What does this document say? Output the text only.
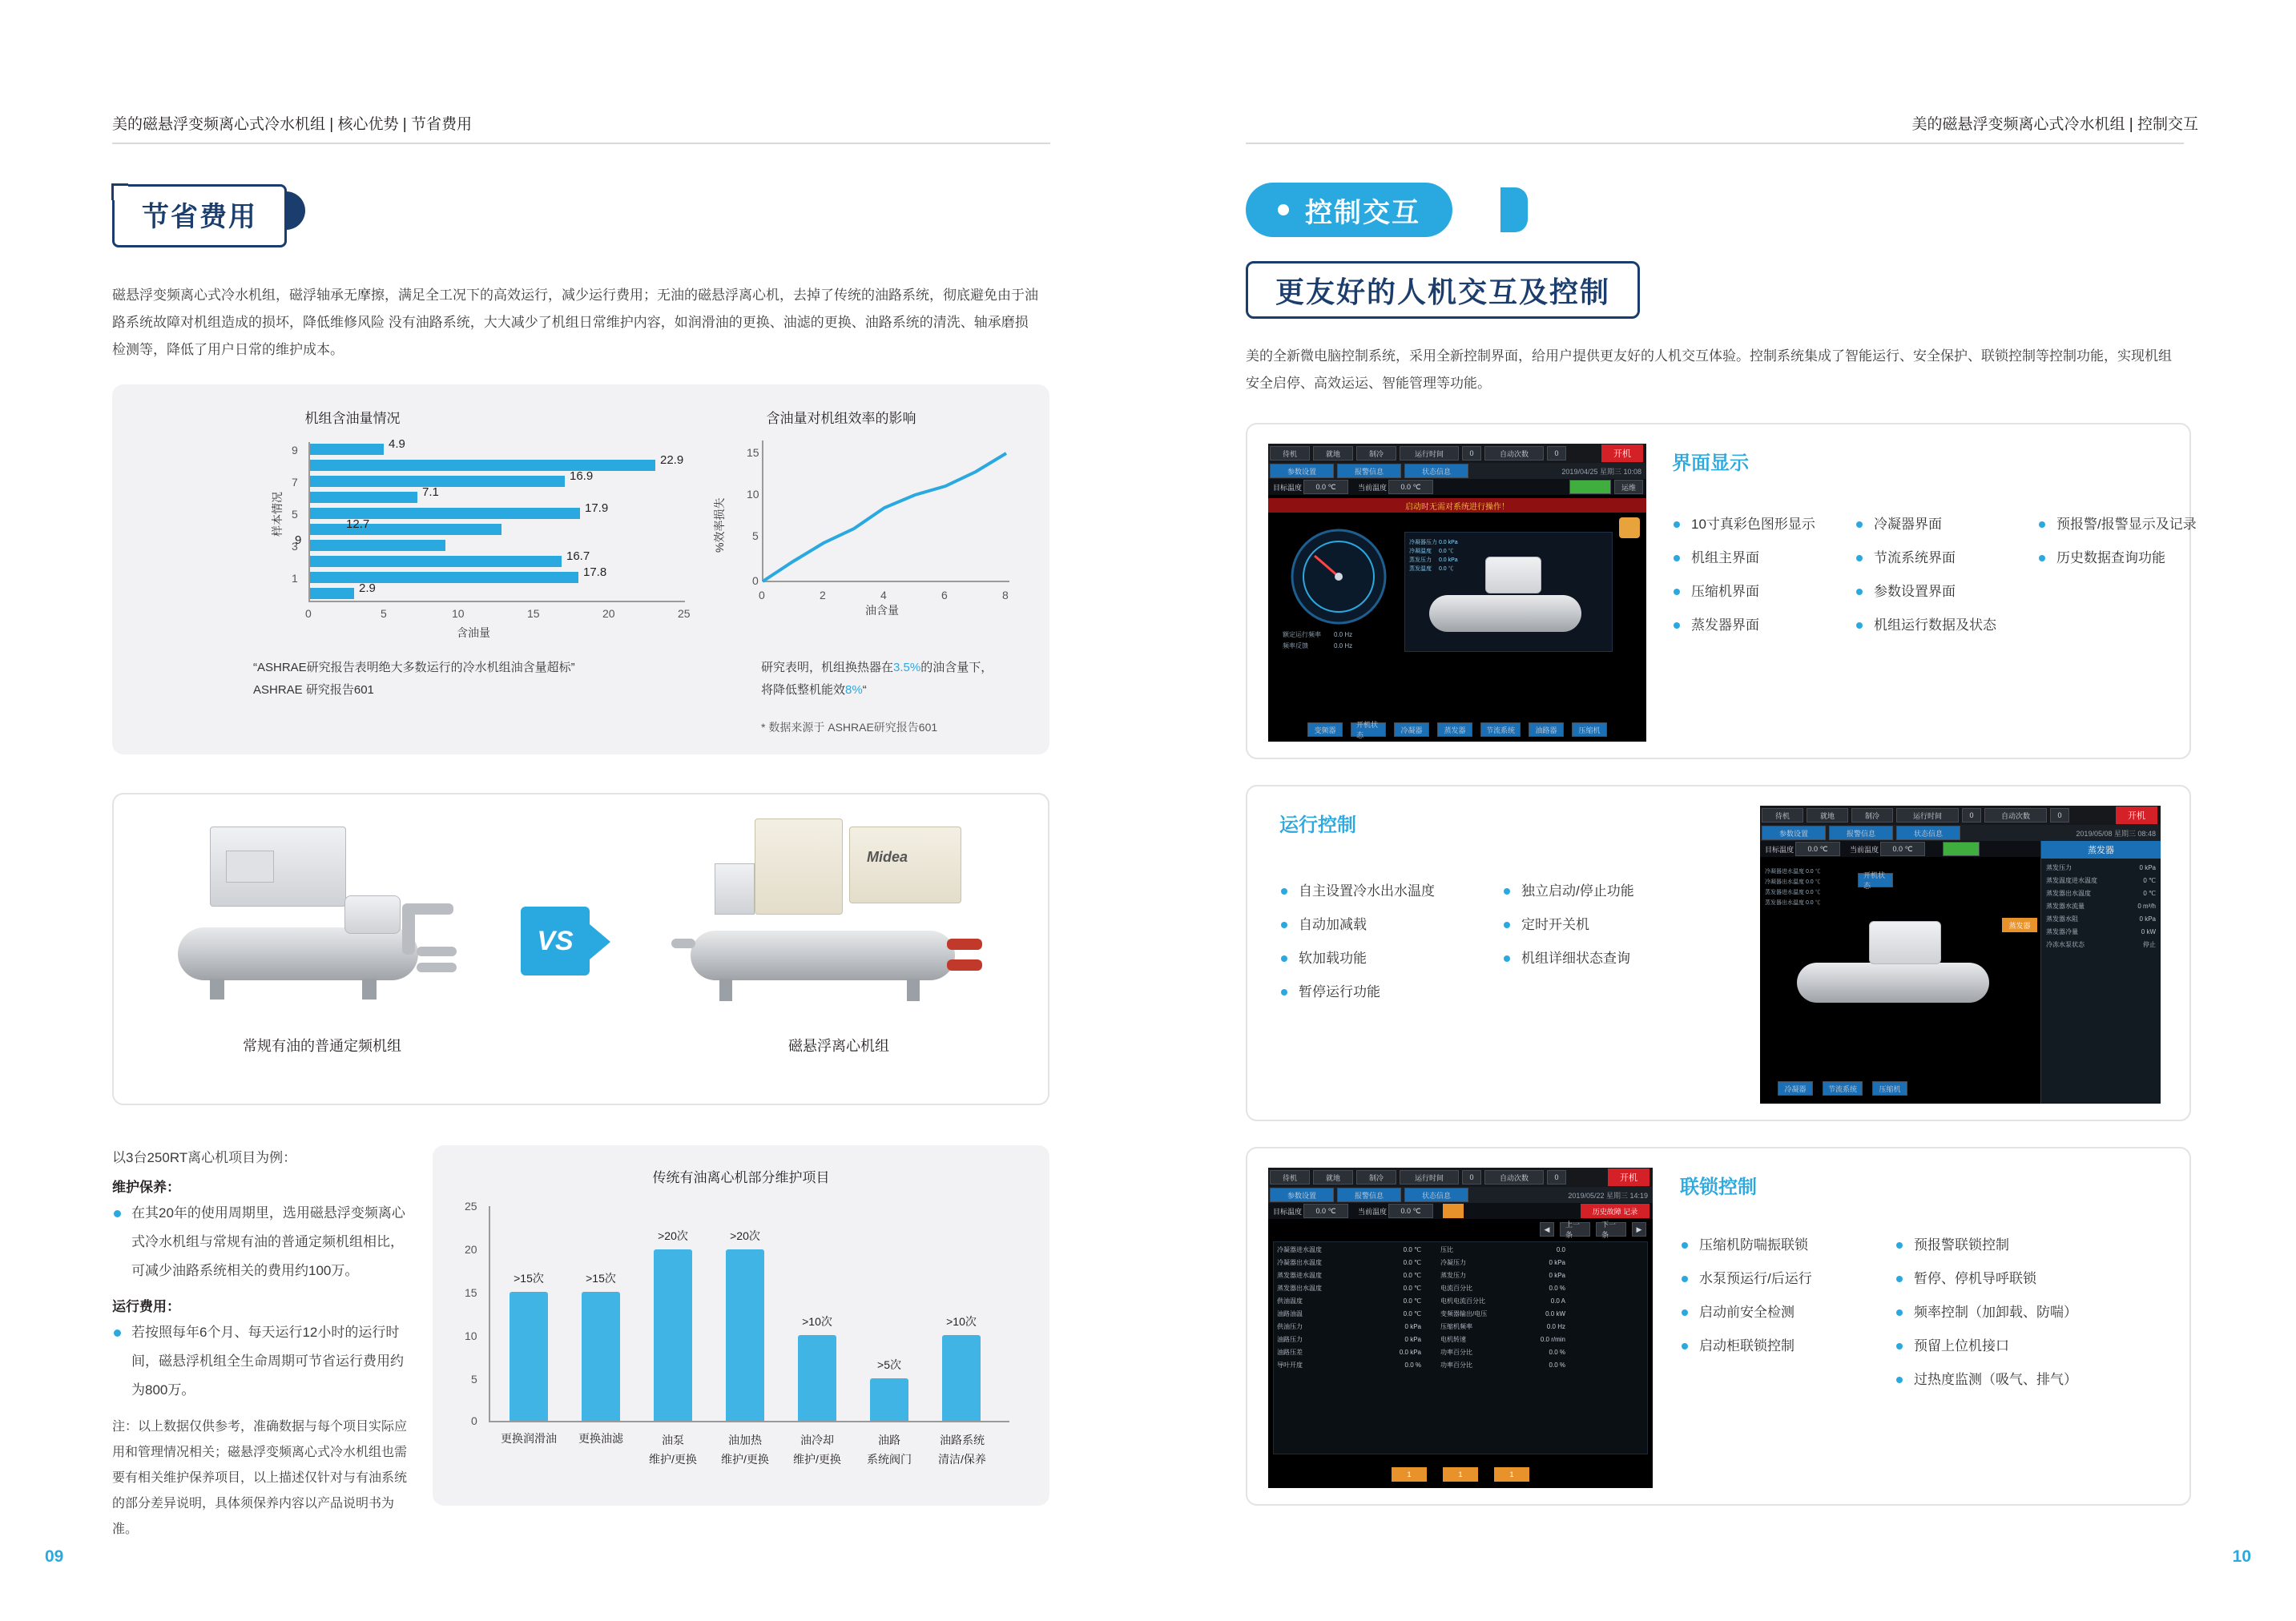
美的磁悬浮变频离心式冷水机组 | 核心优势 | 节省费用
09
节省费用
磁悬浮变频离心式冷水机组，磁浮轴承无摩擦，满足全工况下的高效运行，减少运行费用；无油的磁悬浮离心机，去掉了传统的油路系统，彻底避免由于油路系统故障对机组造成的损坏，降低维修风险 没有油路系统，大大减少了机组日常维护内容，如润滑油的更换、油滤的更换、油路系统的清洗、轴承磨损检测等，降低了用户日常的维护成本。
机组含油量情况
4.9
22.9
16.9
7.1
17.9
12.7
9
16.7
17.8
2.9
9
7
5
3
1
0	5	10	15	20	25
含油量
样本情况
“ASHRAE研究报告表明绝大多数运行的冷水机组油含量超标”
ASHRAE 研究报告601
含油量对机组效率的影响
15
10
5
0
0	2	4	6	8
油含量
%效率损失
研究表明，机组换热器在3.5%的油含量下，
将降低整机能效8%“
* 数据来源于 ASHRAE研究报告601
常规有油的普通定频机组
VS
Midea
磁悬浮离心机组
以3台250RT离心机项目为例：
维护保养：
在其20年的使用周期里，选用磁悬浮变频离心式冷水机组与常规有油的普通定频机组相比，可减少油路系统相关的费用约100万。
运行费用：
若按照每年6个月、每天运行12小时的运行时间，磁悬浮机组全生命周期可节省运行费用约为800万。
注：以上数据仅供参考，准确数据与每个项目实际应用和管理情况相关；磁悬浮变频离心式冷水机组也需要有相关维护保养项目，以上描述仅针对与有油系统的部分差异说明，具体须保养内容以产品说明书为准。
传统有油离心机部分维护项目
25
20
15
10
5
0
>15次
更换润滑油
>15次
更换油滤
>20次
油泵
维护/更换
>20次
油加热
维护/更换
>10次
油冷却
维护/更换
>5次
油路
系统阀门
>10次
油路系统
清洁/保养
美的磁悬浮变频离心式冷水机组 | 控制交互
10
控制交互
更友好的人机交互及控制
美的全新微电脑控制系统，采用全新控制界面，给用户提供更友好的人机交互体验。控制系统集成了智能运行、安全保护、联锁控制等控制功能，实现机组安全启停、高效运运、智能管理等功能。
待机	就地	制冷	运行时间	0	自动次数	0	开机
参数设置	报警信息	状态信息	2019/04/25 星期三 10:08
目标温度	0.0 ℃	当前温度	0.0 ℃	运维
启动时无需对系统进行操作！
额定运行频率　　0.0 Hz
频率反馈　　　　0.0 Hz
冷凝器压力 0.0 kPa
冷凝温度　 0.0 ℃
蒸发压力　 0.0 kPa
蒸发温度　 0.0 ℃
变频器
开机状态
冷凝器	蒸发器	节流系统	油路器	压缩机
界面显示
10寸真彩色图形显示
机组主界面
压缩机界面
蒸发器界面
冷凝器界面
节流系统界面
参数设置界面
机组运行数据及状态
预报警/报警显示及记录
历史数据查询功能
运行控制
自主设置冷水出水温度
自动加减载
软加载功能
暂停运行功能
独立启动/停止功能
定时开关机
机组详细状态查询
待机	就地	制冷	运行时间	0	自动次数	0	开机
参数设置	报警信息	状态信息	2019/05/08 星期三 08:48
目标温度	0.0 ℃	当前温度	0.0 ℃	蒸发器
蒸发压力	0 kPa
蒸发温度进水温度	0 ℃
蒸发器出水温度	0 ℃
蒸发器水流量	0 m³/h
蒸发器水阻	0 kPa
蒸发器冷量	0 kW
冷冻水泵状态	停止
冷凝器进水温度 0.0 ℃
冷凝器出水温度 0.0 ℃
蒸发器进水温度 0.0 ℃
蒸发器出水温度 0.0 ℃
开机状态
蒸发器
冷凝器	节流系统	压缩机
待机	就地	制冷	运行时间	0	自动次数	0	开机
参数设置	报警信息	状态信息	2019/05/22 星期三 14:19
目标温度	0.0 ℃	当前温度	0.0 ℃	历史故障 记录
◀
上一条
下一条
▶
冷凝器进水温度	0.0 ℃	压比	0.0
冷凝器出水温度	0.0 ℃	冷凝压力	0 kPa
蒸发器进水温度	0.0 ℃	蒸发压力	0 kPa
蒸发器出水温度	0.0 ℃	电流百分比	0.0 %
供油温度	0.0 ℃	电机电流百分比	0.0 A
油路油温	0.0 ℃	变频器输出/电压	0.0 kW
供油压力	0 kPa	压缩机频率	0.0 Hz
油路压力	0 kPa	电机转速	0.0 r/min
油路压差	0.0 kPa	功率百分比	0.0 %
导叶开度	0.0 %	功率百分比	0.0 %
1	1	1
联锁控制
压缩机防喘振联锁
水泵预运行/后运行
启动前安全检测
启动柜联锁控制
预报警联锁控制
暂停、停机导呼联锁
频率控制（加卸载、防喘）
预留上位机接口
过热度监测（吸气、排气）
